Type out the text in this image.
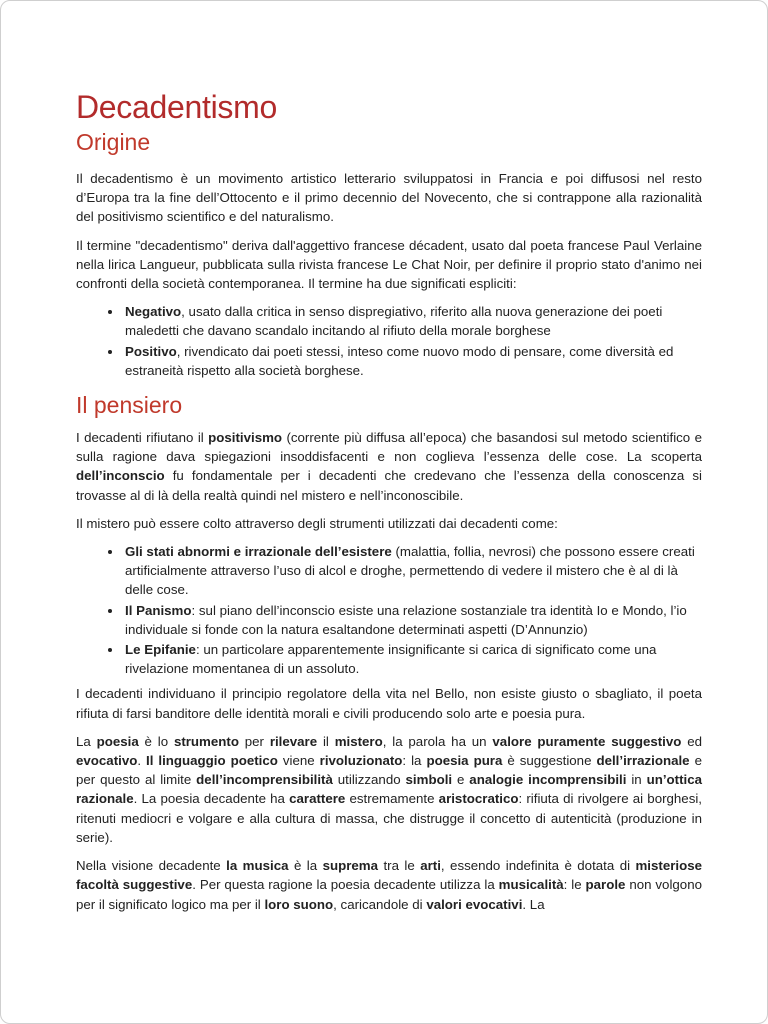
Decadentismo
Origine

Il decadentismo è un movimento artistico letterario sviluppatosi in Francia e poi diffusosi nel resto d’Europa tra la fine dell’Ottocento e il primo decennio del Novecento, che si contrappone alla razionalità del positivismo scientifico e del naturalismo.

Il termine "decadentismo" deriva dall'aggettivo francese décadent, usato dal poeta francese Paul Verlaine nella lirica Langueur, pubblicata sulla rivista francese Le Chat Noir, per definire il proprio stato d'animo nei confronti della società contemporanea. Il termine ha due significati espliciti:

• Negativo, usato dalla critica in senso dispregiativo, riferito alla nuova generazione dei poeti maledetti che davano scandalo incitando al rifiuto della morale borghese
• Positivo, rivendicato dai poeti stessi, inteso come nuovo modo di pensare, come diversità ed estraneità rispetto alla società borghese.
Il pensiero

I decadenti rifiutano il positivismo (corrente più diffusa all’epoca) che basandosi sul metodo scientifico e sulla ragione dava spiegazioni insoddisfacenti e non coglieva l’essenza delle cose. La scoperta dell’inconscio fu fondamentale per i decadenti che credevano che l’essenza della conoscenza si trovasse al di là della realtà quindi nel mistero e nell’inconoscibile.

Il mistero può essere colto attraverso degli strumenti utilizzati dai decadenti come:

• Gli stati abnormi e irrazionale dell’esistere (malattia, follia, nevrosi) che possono essere creati artificialmente attraverso l’uso di alcol e droghe, permettendo di vedere il mistero che è al di là delle cose.
• Il Panismo: sul piano dell’inconscio esiste una relazione sostanziale tra identità Io e Mondo, l’io individuale si fonde con la natura esaltandone determinati aspetti (D’Annunzio)
• Le Epifanie: un particolare apparentemente insignificante si carica di significato come una rivelazione momentanea di un assoluto.

I decadenti individuano il principio regolatore della vita nel Bello, non esiste giusto o sbagliato, il poeta rifiuta di farsi banditore delle identità morali e civili producendo solo arte e poesia pura.

La poesia è lo strumento per rilevare il mistero, la parola ha un valore puramente suggestivo ed evocativo. Il linguaggio poetico viene rivoluzionato: la poesia pura è suggestione dell’irrazionale e per questo al limite dell’incomprensibilità utilizzando simboli e analogie incomprensibili in un’ottica razionale. La poesia decadente ha carattere estremamente aristocratico: rifiuta di rivolgere ai borghesi, ritenuti mediocri e volgare e alla cultura di massa, che distrugge il concetto di autenticità (produzione in serie).

Nella visione decadente la musica è la suprema tra le arti, essendo indefinita è dotata di misteriose facoltà suggestive. Per questa ragione la poesia decadente utilizza la musicalità: le parole non volgono per il significato logico ma per il loro suono, caricandole di valori evocativi. La
